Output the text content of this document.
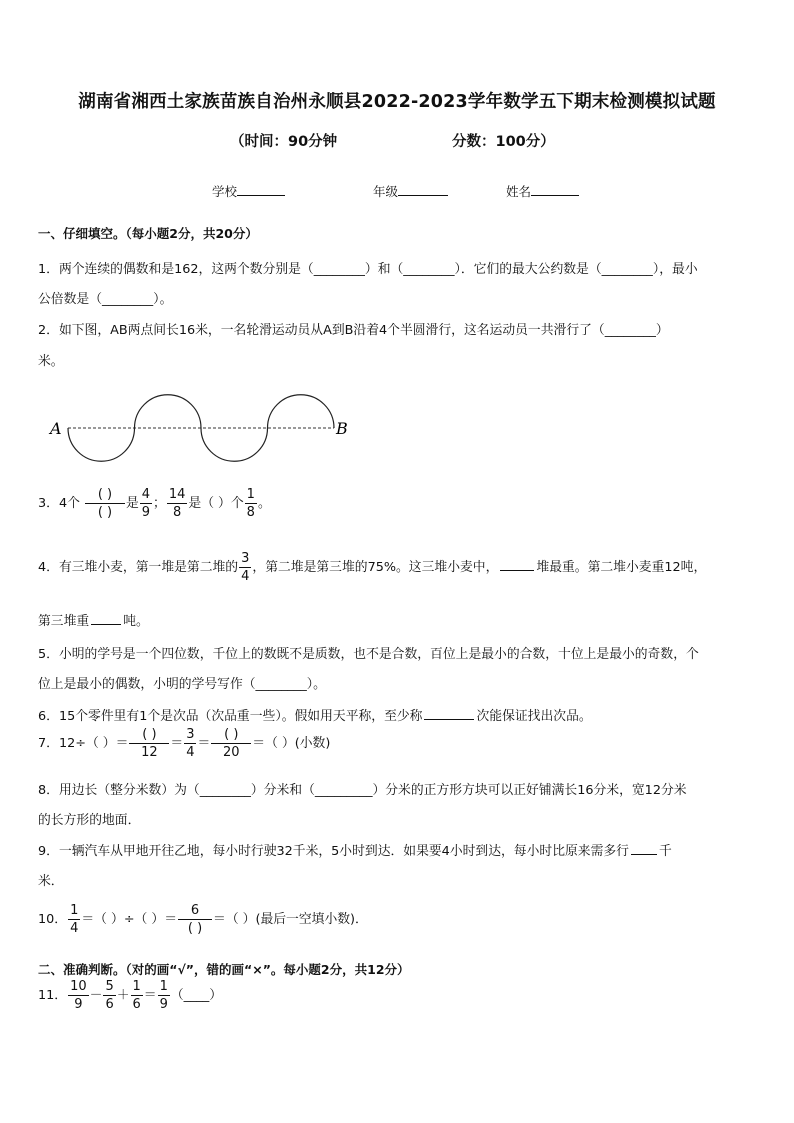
湖南省湘西土家族苗族自治州永顺县2022-2023学年数学五下期末检测模拟试题
（时间：90分钟	分数：100分）
学校	年级	姓名
一、仔细填空。（每小题2分，共20分）
1．两个连续的偶数和是162，这两个数分别是（________）和（________）．它们的最大公约数是（________），最小
公倍数是（________）。
2．如下图，AB两点间长16米，一名轮滑运动员从A到B沿着4个半圆滑行，这名运动员一共滑行了（________）
米。
A	B
3．4个 $\frac{( )}{( )}$ 是 $\frac{4}{9}$ ； $\frac{14}{8}$ 是（ ）个 $\frac{1}{8}$ 。
4．有三堆小麦，第一堆是第二堆的 $\frac{3}{4}$ ，第二堆是第三堆的75%。这三堆小麦中，	堆最重。第二堆小麦重12吨，
第三堆重	吨。
5．小明的学号是一个四位数，千位上的数既不是质数，也不是合数，百位上是最小的合数，十位上是最小的奇数，个
位上是最小的偶数，小明的学号写作（________）。
6．15个零件里有1个是次品（次品重一些）。假如用天平称，至少称	次能保证找出次品。
7．12÷（ ）＝ $\frac{( )}{12} = \frac{3}{4} = \frac{( )}{20}$ ＝（ ）(小数)
8．用边长（整分米数）为（________）分米和（_________）分米的正方形方块可以正好铺满长16分米，宽12分米
的长方形的地面．
9．一辆汽车从甲地开往乙地，每小时行驶32千米，5小时到达．如果要4小时到达，每小时比原来需多行 千
米．
10． $\frac{1}{4}$ ＝（ ）÷（ ）＝ $\frac{6}{( )}$ ＝（ ）(最后一空填小数)．
二、准确判断。（对的画“√”，错的画“×”。每小题2分，共12分）
11． $\frac{10}{9} - \frac{5}{6} + \frac{1}{6} = \frac{1}{9}$ （____）
